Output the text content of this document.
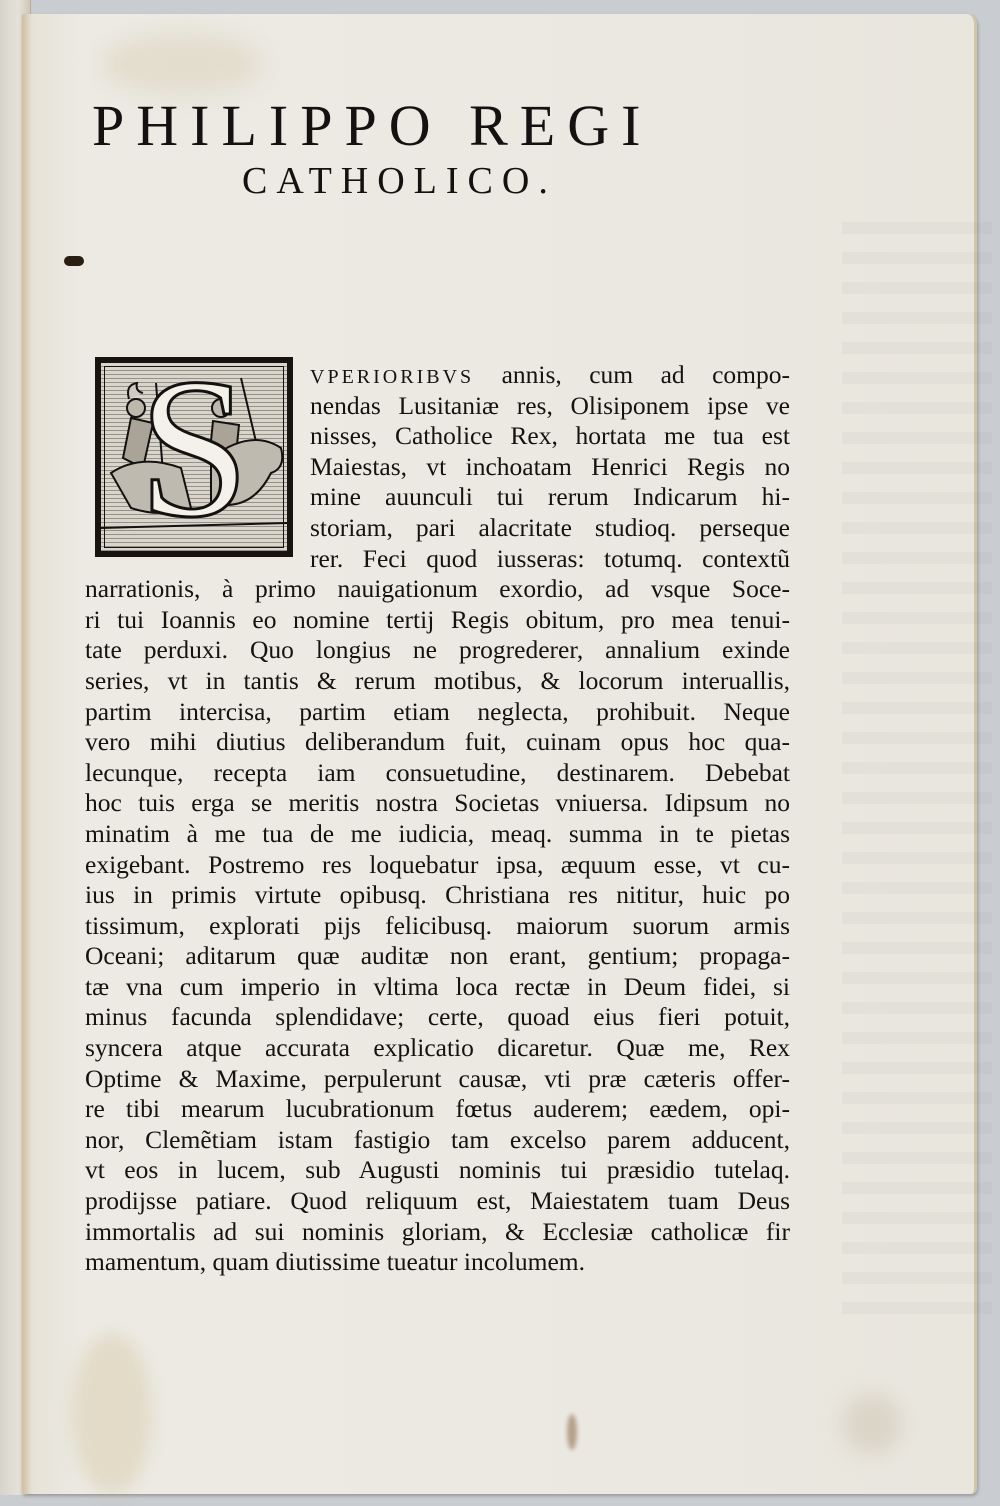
PHILIPPO REGI
CATHOLICO.
S	VPERIORIBVS annis, cum ad compo-
nendas Lusitaniæ res, Olisiponem ipse ve
nisses, Catholice Rex, hortata me tua est
Maiestas, vt inchoatam Henrici Regis no
mine auunculi tui rerum Indicarum hi-
storiam, pari alacritate studioq. perseque
rer. Feci quod iusseras: totumq. contextũ
narrationis, à primo nauigationum exordio, ad vsque Soce-
ri tui Ioannis eo nomine tertij Regis obitum, pro mea tenui-
tate perduxi. Quo longius ne progrederer, annalium exinde
series, vt in tantis & rerum motibus, & locorum interuallis,
partim intercisa, partim etiam neglecta, prohibuit. Neque
vero mihi diutius deliberandum fuit, cuinam opus hoc qua-
lecunque, recepta iam consuetudine, destinarem. Debebat
hoc tuis erga se meritis nostra Societas vniuersa. Idipsum no
minatim à me tua de me iudicia, meaq. summa in te pietas
exigebant. Postremo res loquebatur ipsa, æquum esse, vt cu-
ius in primis virtute opibusq. Christiana res nititur, huic po
tissimum, explorati pijs felicibusq. maiorum suorum armis
Oceani; aditarum quæ auditæ non erant, gentium; propaga-
tæ vna cum imperio in vltima loca rectæ in Deum fidei, si
minus facunda splendidave; certe, quoad eius fieri potuit,
syncera atque accurata explicatio dicaretur. Quæ me, Rex
Optime & Maxime, perpulerunt causæ, vti præ cæteris offer-
re tibi mearum lucubrationum fœtus auderem; eædem, opi-
nor, Clemẽtiam istam fastigio tam excelso parem adducent,
vt eos in lucem, sub Augusti nominis tui præsidio tutelaq.
prodijsse patiare. Quod reliquum est, Maiestatem tuam Deus
immortalis ad sui nominis gloriam, & Ecclesiæ catholicæ fir
mamentum, quam diutissime tueatur incolumem.
